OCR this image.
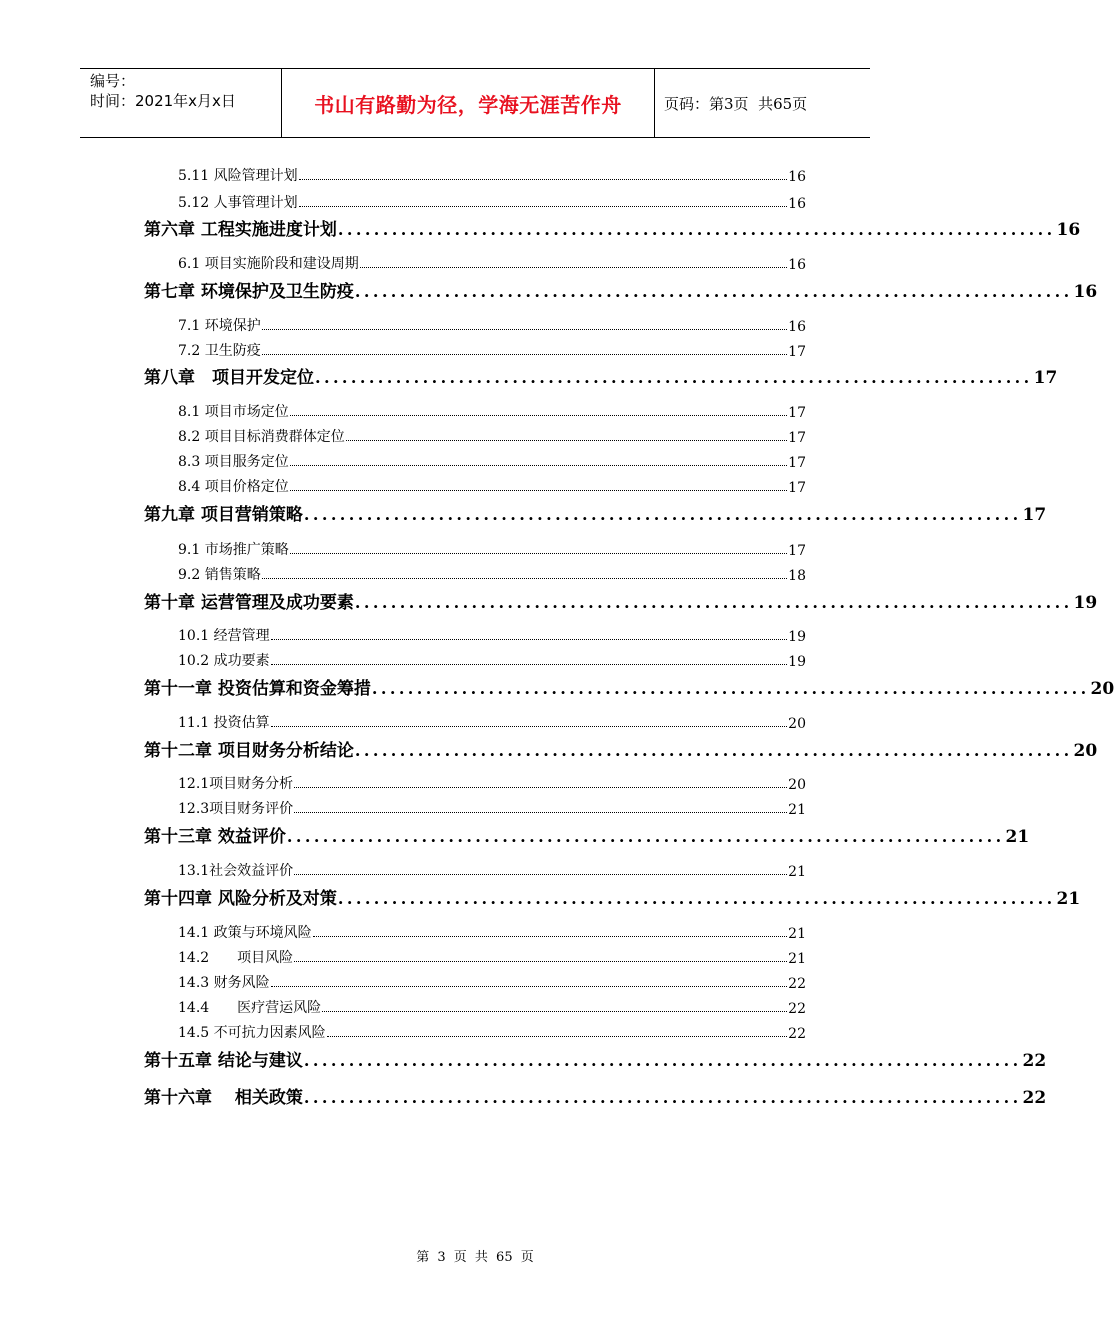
编号：
时间：2021年x月x日	书山有路勤为径，学海无涯苦作舟	页码：第3页  共65页
5.11 风险管理计划	16
5.12 人事管理计划	16
第六章 工程实施进度计划 ................................................................................ 16
6.1 项目实施阶段和建设周期	16
第七章 环境保护及卫生防疫 ................................................................................ 16
7.1 环境保护	16
7.2 卫生防疫	17
第八章　项目开发定位 ................................................................................ 17
8.1 项目市场定位	17
8.2 项目目标消费群体定位	17
8.3 项目服务定位	17
8.4 项目价格定位	17
第九章 项目营销策略 ................................................................................ 17
9.1 市场推广策略	17
9.2 销售策略	18
第十章 运营管理及成功要素 ................................................................................ 19
10.1 经营管理	19
10.2 成功要素	19
第十一章 投资估算和资金筹措 ................................................................................ 20
11.1 投资估算	20
第十二章 项目财务分析结论 ................................................................................ 20
12.1项目财务分析	20
12.3项目财务评价	21
第十三章 效益评价 ................................................................................ 21
13.1社会效益评价	21
第十四章 风险分析及对策 ................................................................................ 21
14.1 政策与环境风险	21
14.2　　项目风险	21
14.3 财务风险	22
14.4　　医疗营运风险	22
14.5 不可抗力因素风险	22
第十五章 结论与建议 ................................................................................ 22
第十六章　 相关政策 ................................................................................ 22
第 3 页 共 65 页
